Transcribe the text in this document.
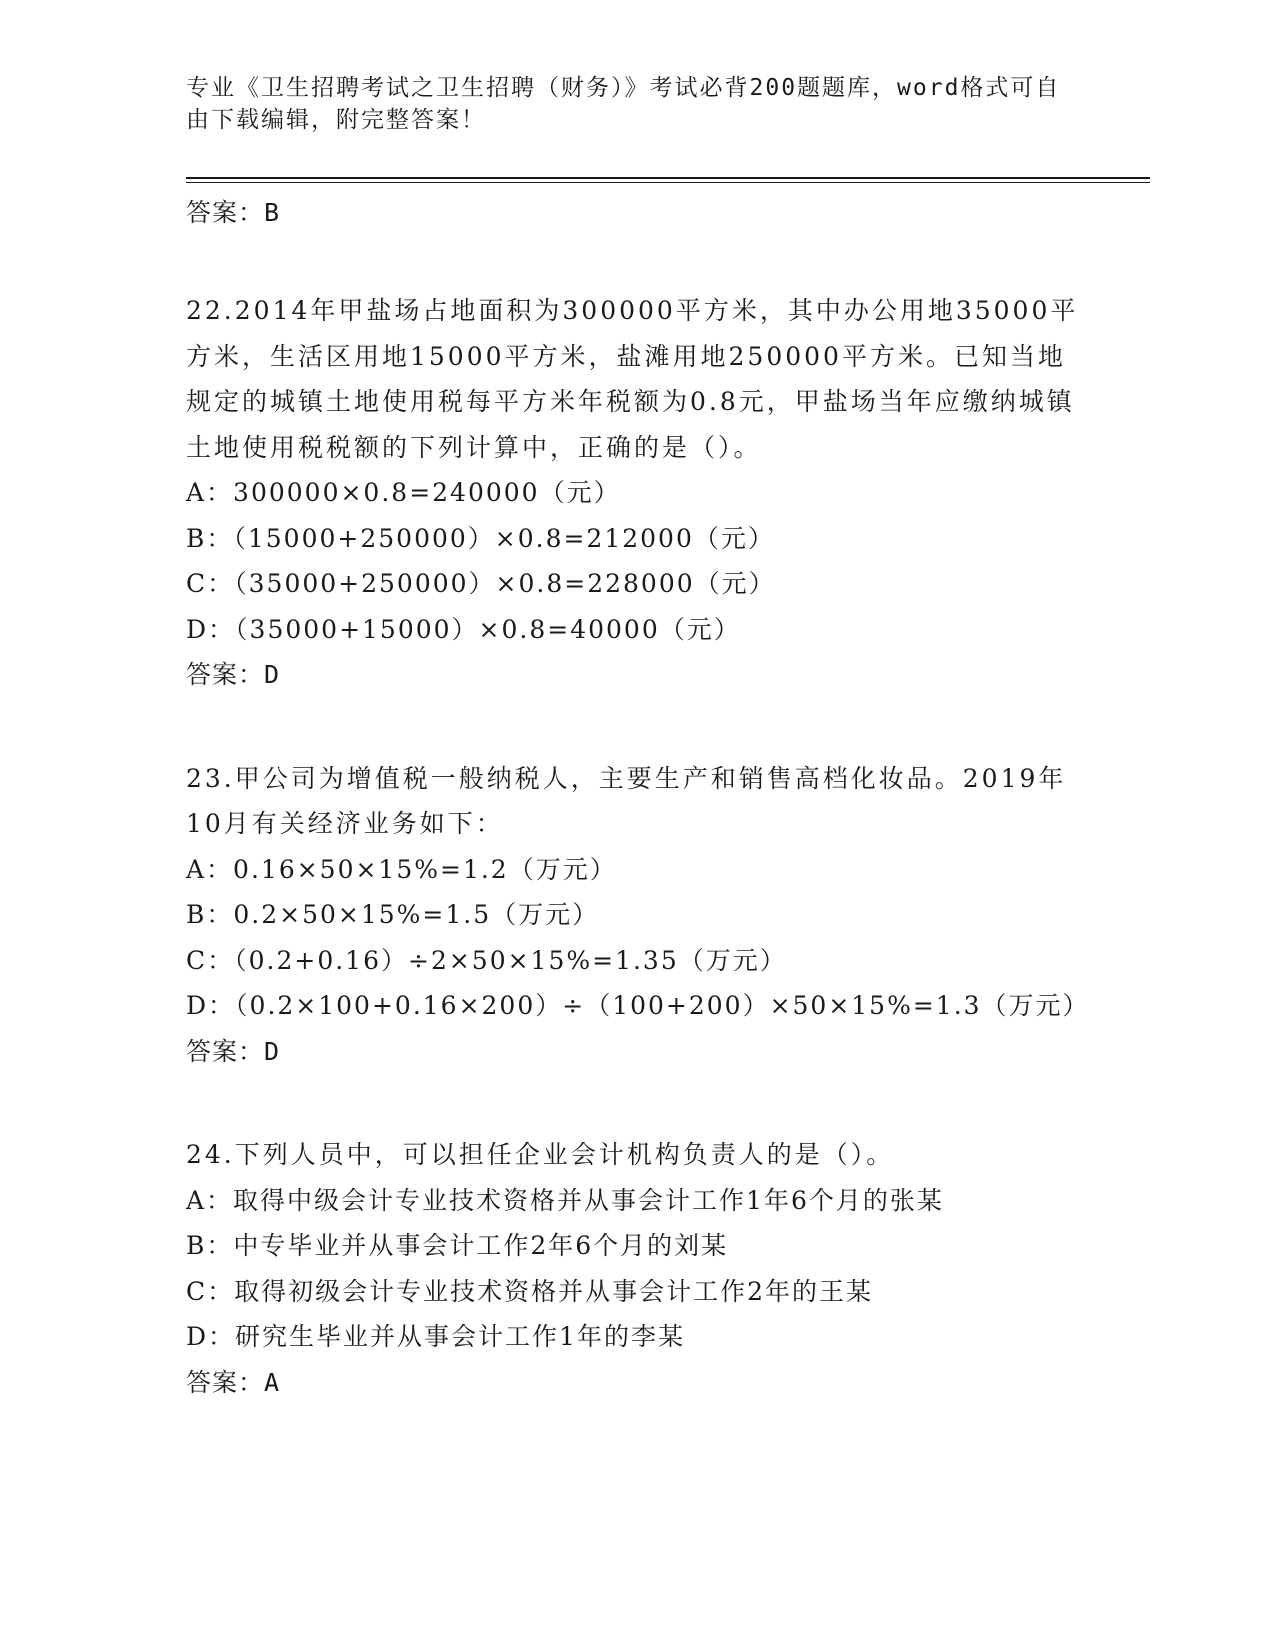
专业《卫生招聘考试之卫生招聘（财务）》考试必背200题题库，word格式可自由下载编辑，附完整答案！
答案：B
22.2014年甲盐场占地面积为300000平方米，其中办公用地35000平方米，生活区用地15000平方米，盐滩用地250000平方米。已知当地规定的城镇土地使用税每平方米年税额为0.8元，甲盐场当年应缴纳城镇土地使用税税额的下列计算中，正确的是（）。
A：300000×0.8=240000（元）
B：（15000+250000）×0.8=212000（元）
C：（35000+250000）×0.8=228000（元）
D：（35000+15000）×0.8=40000（元）
答案：D
23.甲公司为增值税一般纳税人，主要生产和销售高档化妆品。2019年10月有关经济业务如下：
A：0.16×50×15%=1.2（万元）
B：0.2×50×15%=1.5（万元）
C：（0.2+0.16）÷2×50×15%=1.35（万元）
D：（0.2×100+0.16×200）÷（100+200）×50×15%=1.3（万元）
答案：D
24.下列人员中，可以担任企业会计机构负责人的是（）。
A：取得中级会计专业技术资格并从事会计工作1年6个月的张某
B：中专毕业并从事会计工作2年6个月的刘某
C：取得初级会计专业技术资格并从事会计工作2年的王某
D：研究生毕业并从事会计工作1年的李某
答案：A
